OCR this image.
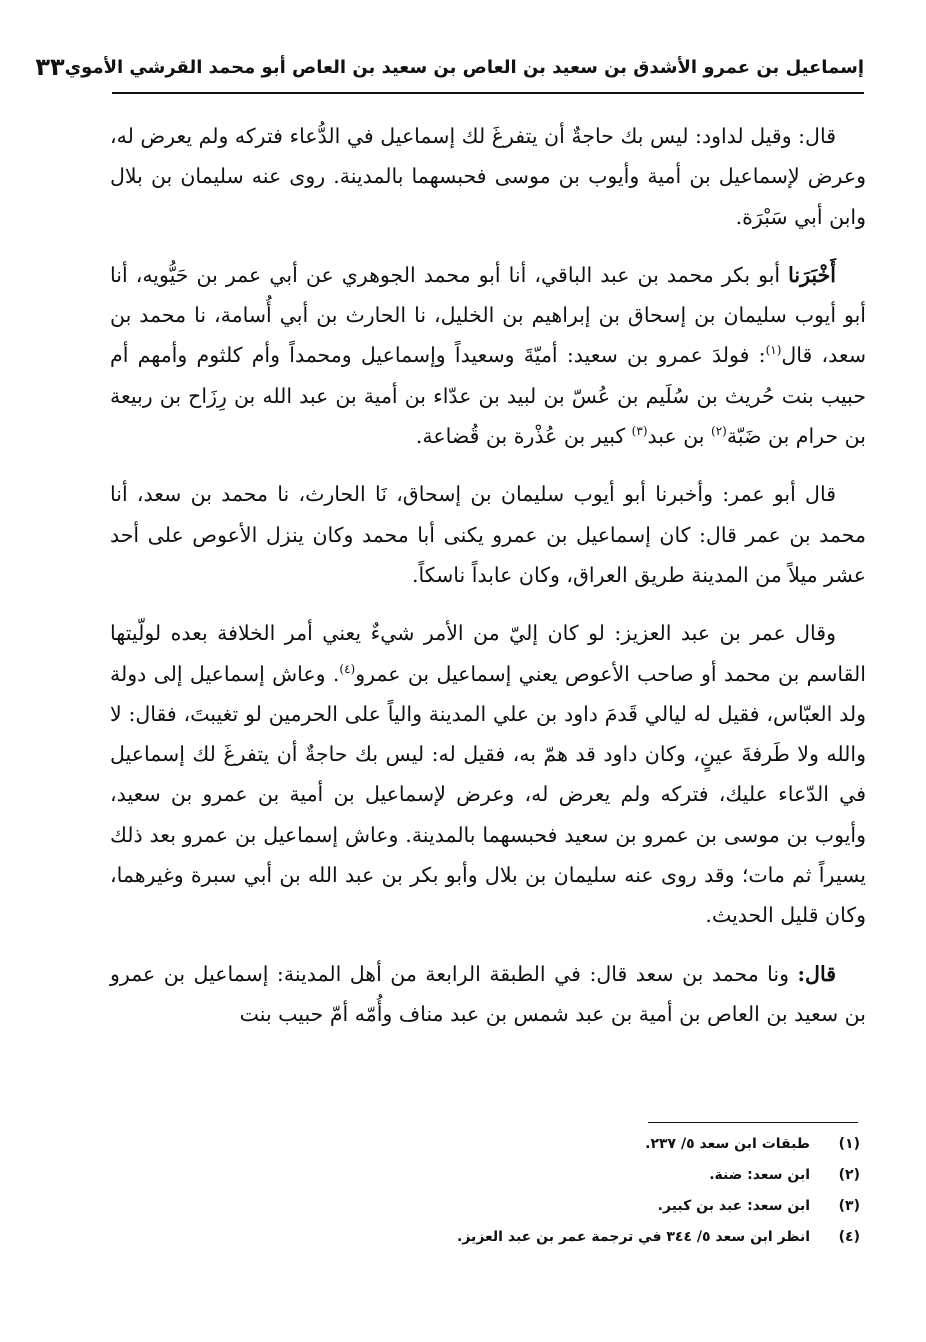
إسماعيل بن عمرو الأشدق بن سعيد بن العاص بن سعيد بن العاص أبو محمد القرشي الأموي
٣٣

قال: وقيل لداود: ليس بك حاجةٌ أن يتفرغَ لك إسماعيل في الدُّعاء فتركه ولم يعرض له، وعرض لإسماعيل بن أمية وأيوب بن موسى فحبسهما بالمدينة. روى عنه سليمان بن بلال وابن أبي سَبْرَة.

أَخْبَرَنا أبو بكر محمد بن عبد الباقي، أنا أبو محمد الجوهري عن أبي عمر بن حَيُّويه، أنا أبو أيوب سليمان بن إسحاق بن إبراهيم بن الخليل، نا الحارث بن أبي أُسامة، نا محمد بن سعد، قال$^{(١)}$: فولدَ عمرو بن سعيد: أميّةَ وسعيداً وإسماعيل ومحمداً وأم كلثوم وأمهم أم حبيب بنت حُريث بن سُلَيم بن عُسّ بن لبيد بن عدّاء بن أمية بن عبد الله بن رِزَاح بن ربيعة بن حرام بن ضَبّة$^{(٢)}$ بن عبد$^{(٣)}$ كبير بن عُذْرة بن قُضاعة.

قال أبو عمر: وأخبرنا أبو أيوب سليمان بن إسحاق، نَا الحارث، نا محمد بن سعد، أنا محمد بن عمر قال: كان إسماعيل بن عمرو يكنى أبا محمد وكان ينزل الأعوص على أحد عشر ميلاً من المدينة طريق العراق، وكان عابداً ناسكاً.

وقال عمر بن عبد العزيز: لو كان إليّ من الأمر شيءٌ يعني أمر الخلافة بعده لولّيتها القاسم بن محمد أو صاحب الأعوص يعني إسماعيل بن عمرو$^{(٤)}$. وعاش إسماعيل إلى دولة ولد العبّاس، فقيل له ليالي قَدمَ داود بن علي المدينة والياً على الحرمين لو تغيبتَ، فقال: لا والله ولا طَرفةَ عينٍ، وكان داود قد همّ به، فقيل له: ليس بك حاجةٌ أن يتفرغَ لك إسماعيل في الدّعاء عليك، فتركه ولم يعرض له، وعرض لإسماعيل بن أمية بن عمرو بن سعيد، وأيوب بن موسى بن عمرو بن سعيد فحبسهما بالمدينة. وعاش إسماعيل بن عمرو بعد ذلك يسيراً ثم مات؛ وقد روى عنه سليمان بن بلال وأبو بكر بن عبد الله بن أبي سبرة وغيرهما، وكان قليل الحديث.

قال: ونا محمد بن سعد قال: في الطبقة الرابعة من أهل المدينة: إسماعيل بن عمرو بن سعيد بن العاص بن أمية بن عبد شمس بن عبد مناف وأُمّه أمّ حبيب بنت

(١)
طبقات ابن سعد ٥/ ٢٣٧.
(٢)
ابن سعد: ضنة.
(٣)
ابن سعد: عبد بن كبير.
(٤)
انظر ابن سعد ٥/ ٣٤٤ في ترجمة عمر بن عبد العزيز.
